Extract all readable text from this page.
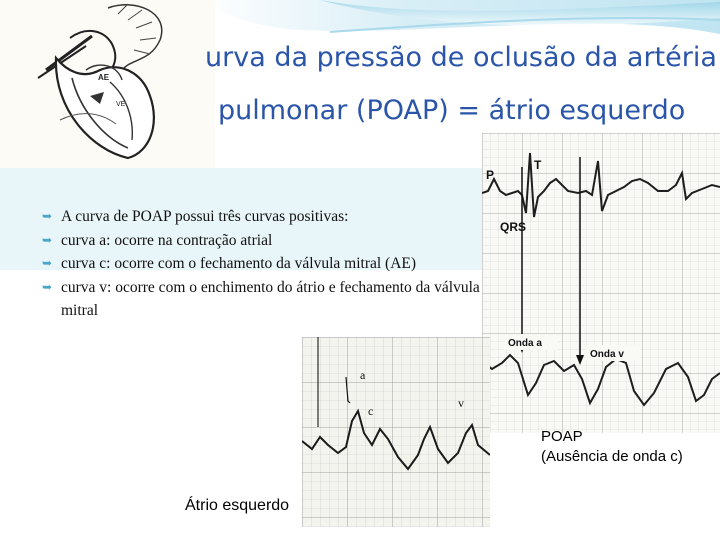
AE
VE
urva da pressão de oclusão da artéria
pulmonar (POAP) = átrio esquerdo
➥ A curva de POAP possui três curvas positivas:
➥ curva a: ocorre na contração atrial
➥ curva c: ocorre com o fechamento da válvula mitral (AE)
➥ curva v: ocorre com o enchimento do átrio e fechamento da válvula mitral
P
T
QRS
Onda a
Onda v
a
c
v
POAP
(Ausência de onda c)
Átrio esquerdo
